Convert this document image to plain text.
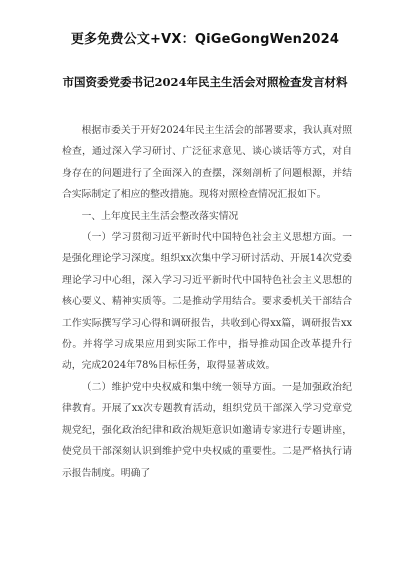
更多免费公文+VX：QiGeGongWen2024
市国资委党委书记2024年民主生活会对照检查发言材料

根据市委关于开好2024年民主生活会的部署要求，我认真对照检查，通过深入学习研讨、广泛征求意见、谈心谈话等方式，对自身存在的问题进行了全面深入的查摆，深刻剖析了问题根源，并结合实际制定了相应的整改措施。现将对照检查情况汇报如下。

一、上年度民主生活会整改落实情况

（一）学习贯彻习近平新时代中国特色社会主义思想方面。一是强化理论学习深度。组织xx次集中学习研讨活动、开展14次党委理论学习中心组，深入学习习近平新时代中国特色社会主义思想的核心要义、精神实质等。二是推动学用结合。要求委机关干部结合工作实际撰写学习心得和调研报告，共收到心得xx篇，调研报告xx份。并将学习成果应用到实际工作中，指导推动国企改革提升行动，完成2024年78%目标任务，取得显著成效。

（二）维护党中央权威和集中统一领导方面。一是加强政治纪律教育。开展了xx次专题教育活动，组织党员干部深入学习党章党规党纪，强化政治纪律和政治规矩意识如邀请专家进行专题讲座，使党员干部深刻认识到维护党中央权威的重要性。二是严格执行请示报告制度。明确了
